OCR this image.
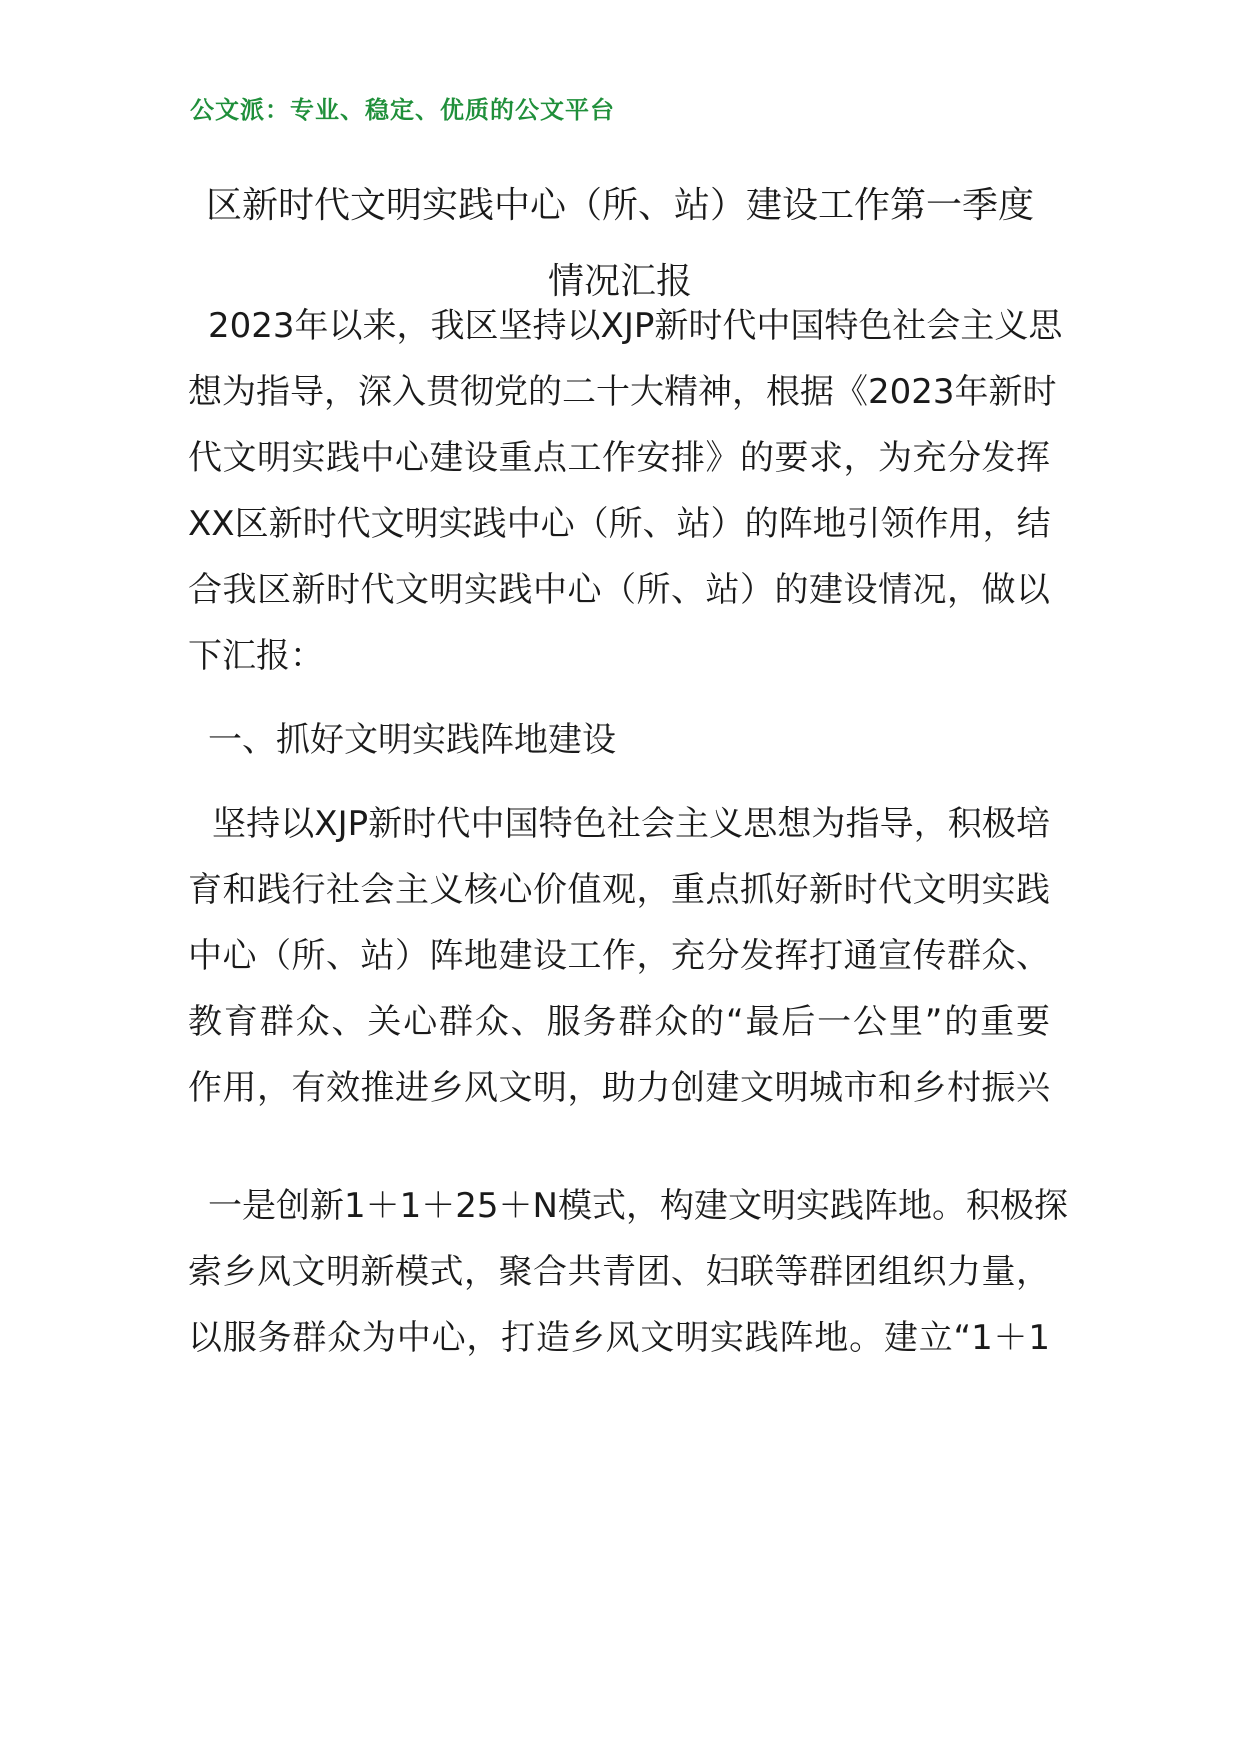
公文派：专业、稳定、优质的公文平台
区新时代文明实践中心（所、站）建设工作第一季度
情况汇报
2023年以来，我区坚持以XJP新时代中国特色社会主义思
想为指导，深入贯彻党的二十大精神，根据《2023年新时
代文明实践中心建设重点工作安排》的要求，为充分发挥
XX区新时代文明实践中心（所、站）的阵地引领作用，结
合我区新时代文明实践中心（所、站）的建设情况，做以
下汇报：
一、抓好文明实践阵地建设
坚持以XJP新时代中国特色社会主义思想为指导，积极培
育和践行社会主义核心价值观，重点抓好新时代文明实践
中心（所、站）阵地建设工作，充分发挥打通宣传群众、
教育群众、关心群众、服务群众的“最后一公里”的重要
作用，有效推进乡风文明，助力创建文明城市和乡村振兴
一是创新1＋1＋25＋N模式，构建文明实践阵地。积极探
索乡风文明新模式，聚合共青团、妇联等群团组织力量，
以服务群众为中心，打造乡风文明实践阵地。建立“1＋1
